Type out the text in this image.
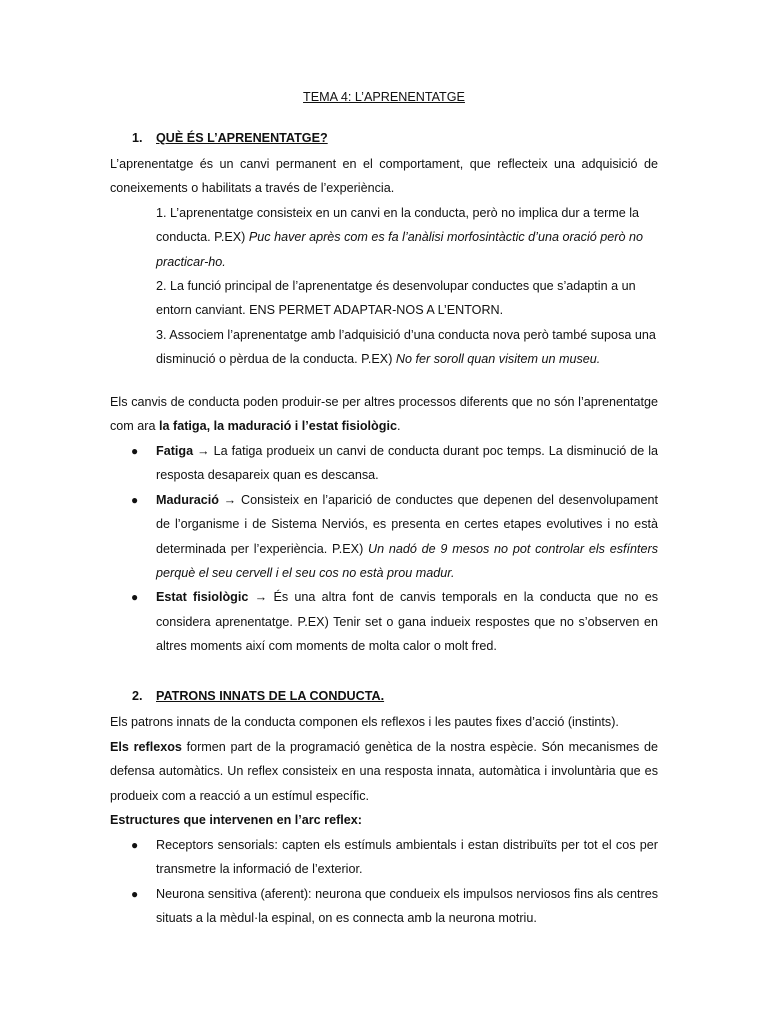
TEMA 4: L’APRENENTATGE
1. QUÈ ÉS L’APRENENTATGE?
L’aprenentatge és un canvi permanent en el comportament, que reflecteix una adquisició de coneixements o habilitats a través de l’experiència.
1. L’aprenentatge consisteix en un canvi en la conducta, però no implica dur a terme la conducta. P.EX) Puc haver après com es fa l’anàlisi morfosintàctic d’una oració però no practicar-ho.
2. La funció principal de l’aprenentatge és desenvolupar conductes que s’adaptin a un entorn canviant. ENS PERMET ADAPTAR-NOS A L’ENTORN.
3. Associem l’aprenentatge amb l’adquisició d’una conducta nova però també suposa una disminució o pèrdua de la conducta. P.EX) No fer soroll quan visitem un museu.
Els canvis de conducta poden produir-se per altres processos diferents que no són l’aprenentatge com ara la fatiga, la maduració i l’estat fisiològic.
● Fatiga → La fatiga produeix un canvi de conducta durant poc temps. La disminució de la resposta desapareix quan es descansa.
● Maduració → Consisteix en l’aparició de conductes que depenen del desenvolupament de l’organisme i de Sistema Nerviós, es presenta en certes etapes evolutives i no està determinada per l’experiència. P.EX) Un nadó de 9 mesos no pot controlar els esfínters perquè el seu cervell i el seu cos no està prou madur.
● Estat fisiològic → És una altra font de canvis temporals en la conducta que no es considera aprenentatge. P.EX) Tenir set o gana indueix respostes que no s’observen en altres moments així com moments de molta calor o molt fred.
2. PATRONS INNATS DE LA CONDUCTA.
Els patrons innats de la conducta componen els reflexos i les pautes fixes d’acció (instints).
Els reflexos formen part de la programació genètica de la nostra espècie. Són mecanismes de defensa automàtics. Un reflex consisteix en una resposta innata, automàtica i involuntària que es produeix com a reacció a un estímul específic.
Estructures que intervenen en l’arc reflex:
● Receptors sensorials: capten els estímuls ambientals i estan distribuïts per tot el cos per transmetre la informació de l’exterior.
● Neurona sensitiva (aferent): neurona que condueix els impulsos nerviosos fins als centres situats a la mèdul·la espinal, on es connecta amb la neurona motriu.
